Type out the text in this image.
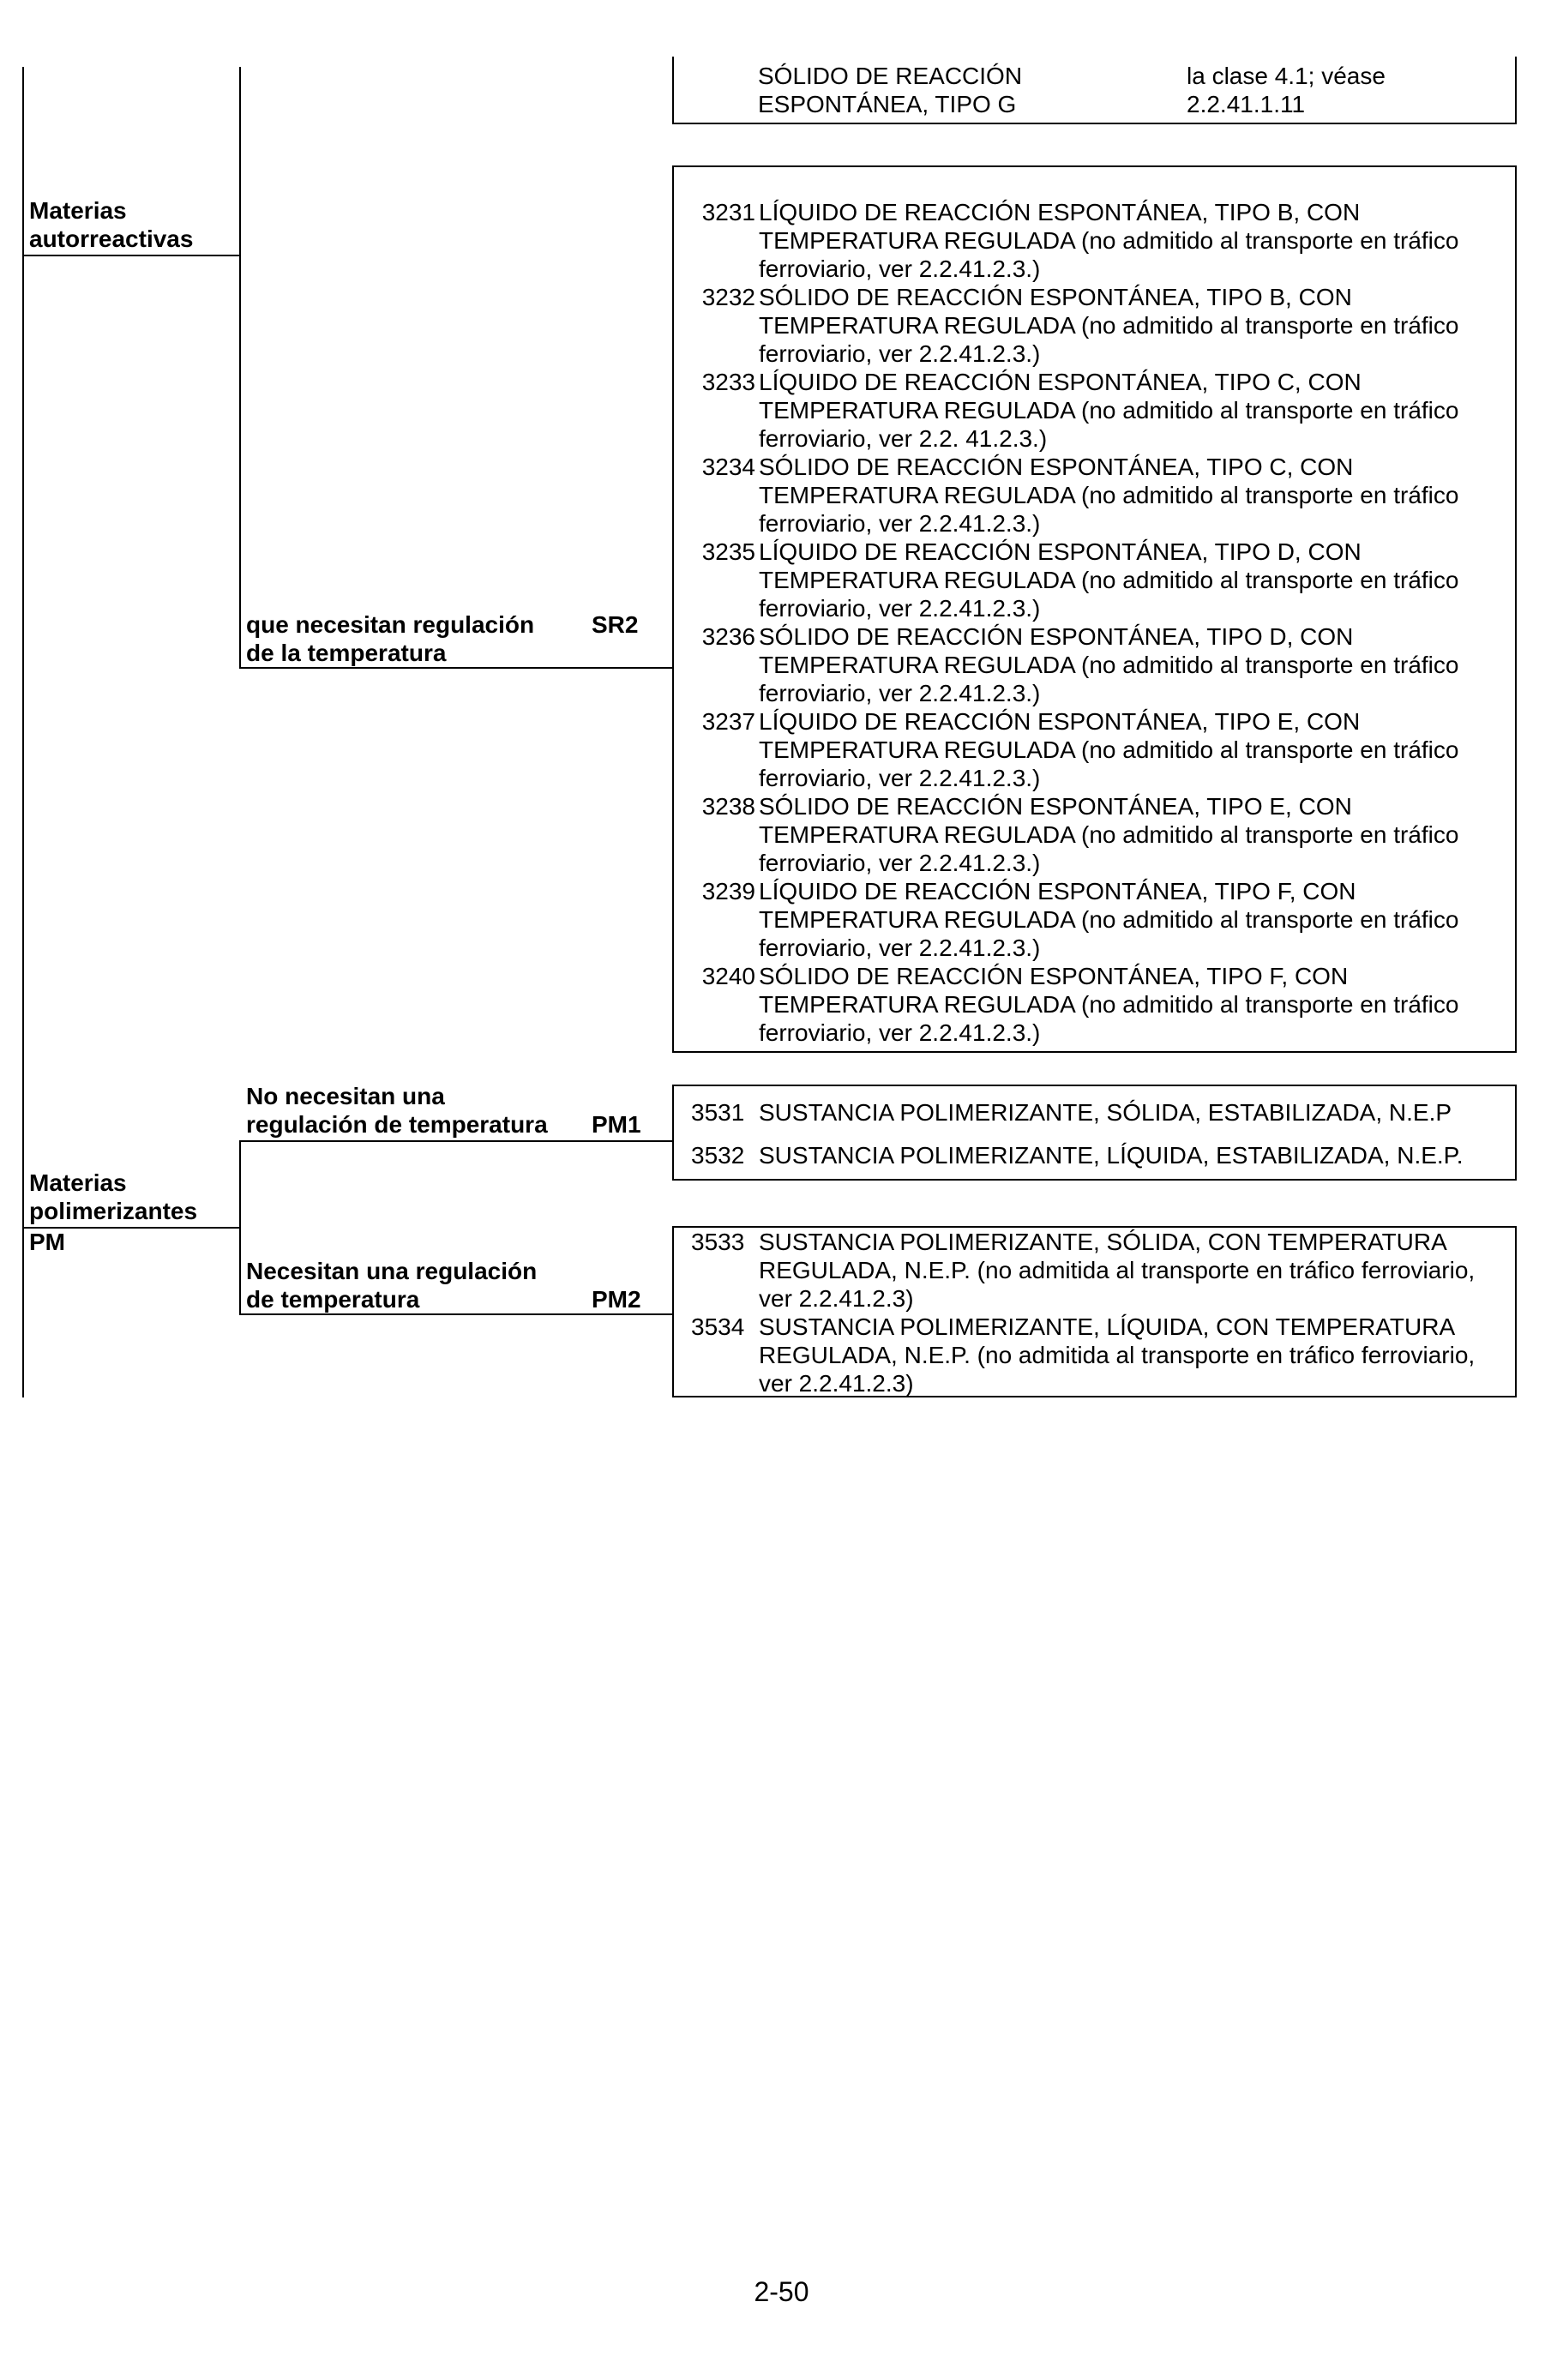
SÓLIDO DE REACCIÓN
ESPONTÁNEA, TIPO G
la clase 4.1; véase
2.2.41.1.11
Materias
autorreactivas
que necesitan regulación
de la temperatura
SR2
3231 LÍQUIDO DE REACCIÓN ESPONTÁNEA, TIPO B, CON
TEMPERATURA REGULADA (no admitido al transporte en tráfico
ferroviario, ver 2.2.41.2.3.)
3232 SÓLIDO DE REACCIÓN ESPONTÁNEA, TIPO B, CON
TEMPERATURA REGULADA (no admitido al transporte en tráfico
ferroviario, ver 2.2.41.2.3.)
3233 LÍQUIDO DE REACCIÓN ESPONTÁNEA, TIPO C, CON
TEMPERATURA REGULADA (no admitido al transporte en tráfico
ferroviario, ver 2.2. 41.2.3.)
3234 SÓLIDO DE REACCIÓN ESPONTÁNEA, TIPO C, CON
TEMPERATURA REGULADA (no admitido al transporte en tráfico
ferroviario, ver 2.2.41.2.3.)
3235 LÍQUIDO DE REACCIÓN ESPONTÁNEA, TIPO D, CON
TEMPERATURA REGULADA (no admitido al transporte en tráfico
ferroviario, ver 2.2.41.2.3.)
3236 SÓLIDO DE REACCIÓN ESPONTÁNEA, TIPO D, CON
TEMPERATURA REGULADA (no admitido al transporte en tráfico
ferroviario, ver 2.2.41.2.3.)
3237 LÍQUIDO DE REACCIÓN ESPONTÁNEA, TIPO E, CON
TEMPERATURA REGULADA (no admitido al transporte en tráfico
ferroviario, ver 2.2.41.2.3.)
3238 SÓLIDO DE REACCIÓN ESPONTÁNEA, TIPO E, CON
TEMPERATURA REGULADA (no admitido al transporte en tráfico
ferroviario, ver 2.2.41.2.3.)
3239 LÍQUIDO DE REACCIÓN ESPONTÁNEA, TIPO F, CON
TEMPERATURA REGULADA (no admitido al transporte en tráfico
ferroviario, ver 2.2.41.2.3.)
3240 SÓLIDO DE REACCIÓN ESPONTÁNEA, TIPO F, CON
TEMPERATURA REGULADA (no admitido al transporte en tráfico
ferroviario, ver 2.2.41.2.3.)
Materias
polimerizantes
PM
No necesitan una
regulación de temperatura PM1 3531 SUSTANCIA POLIMERIZANTE, SÓLIDA, ESTABILIZADA, N.E.P
3532 SUSTANCIA POLIMERIZANTE, LÍQUIDA, ESTABILIZADA, N.E.P.
Necesitan una regulación
de temperatura	PM2
3533 SUSTANCIA POLIMERIZANTE, SÓLIDA, CON TEMPERATURA
REGULADA, N.E.P. (no admitida al transporte en tráfico ferroviario,
ver 2.2.41.2.3)
3534 SUSTANCIA POLIMERIZANTE, LÍQUIDA, CON TEMPERATURA
REGULADA, N.E.P. (no admitida al transporte en tráfico ferroviario,
ver 2.2.41.2.3)
2-50
